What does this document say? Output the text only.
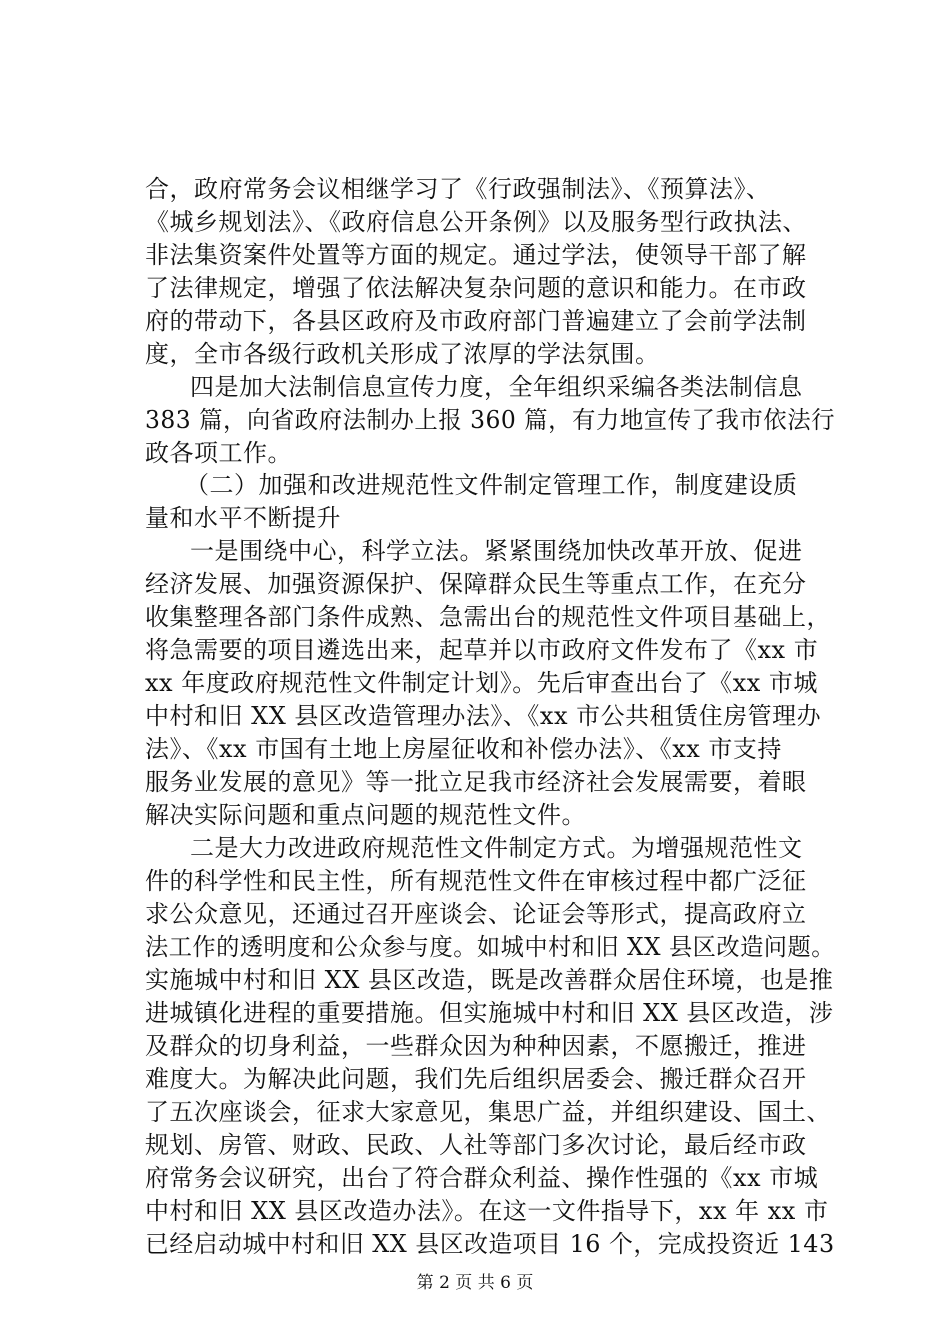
合，政府常务会议相继学习了《行政强制法》、《预算法》、
《城乡规划法》、《政府信息公开条例》以及服务型行政执法、
非法集资案件处置等方面的规定。通过学法，使领导干部了解
了法律规定，增强了依法解决复杂问题的意识和能力。在市政
府的带动下，各县区政府及市政府部门普遍建立了会前学法制
度，全市各级行政机关形成了浓厚的学法氛围。
四是加大法制信息宣传力度，全年组织采编各类法制信息
383 篇，向省政府法制办上报 360 篇，有力地宣传了我市依法行
政各项工作。
（二）加强和改进规范性文件制定管理工作，制度建设质
量和水平不断提升
一是围绕中心，科学立法。紧紧围绕加快改革开放、促进
经济发展、加强资源保护、保障群众民生等重点工作，在充分
收集整理各部门条件成熟、急需出台的规范性文件项目基础上，
将急需要的项目遴选出来，起草并以市政府文件发布了《xx 市
xx 年度政府规范性文件制定计划》。先后审查出台了《xx 市城
中村和旧 XX 县区改造管理办法》、《xx 市公共租赁住房管理办
法》、《xx 市国有土地上房屋征收和补偿办法》、《xx 市支持
服务业发展的意见》等一批立足我市经济社会发展需要，着眼
解决实际问题和重点问题的规范性文件。
二是大力改进政府规范性文件制定方式。为增强规范性文
件的科学性和民主性，所有规范性文件在审核过程中都广泛征
求公众意见，还通过召开座谈会、论证会等形式，提高政府立
法工作的透明度和公众参与度。如城中村和旧 XX 县区改造问题。
实施城中村和旧 XX 县区改造，既是改善群众居住环境，也是推
进城镇化进程的重要措施。但实施城中村和旧 XX 县区改造，涉
及群众的切身利益，一些群众因为种种因素，不愿搬迁，推进
难度大。为解决此问题，我们先后组织居委会、搬迁群众召开
了五次座谈会，征求大家意见，集思广益，并组织建设、国土、
规划、房管、财政、民政、人社等部门多次讨论，最后经市政
府常务会议研究，出台了符合群众利益、操作性强的《xx 市城
中村和旧 XX 县区改造办法》。在这一文件指导下，xx 年 xx 市
已经启动城中村和旧 XX 县区改造项目 16 个，完成投资近 143
第 2 页 共 6 页
